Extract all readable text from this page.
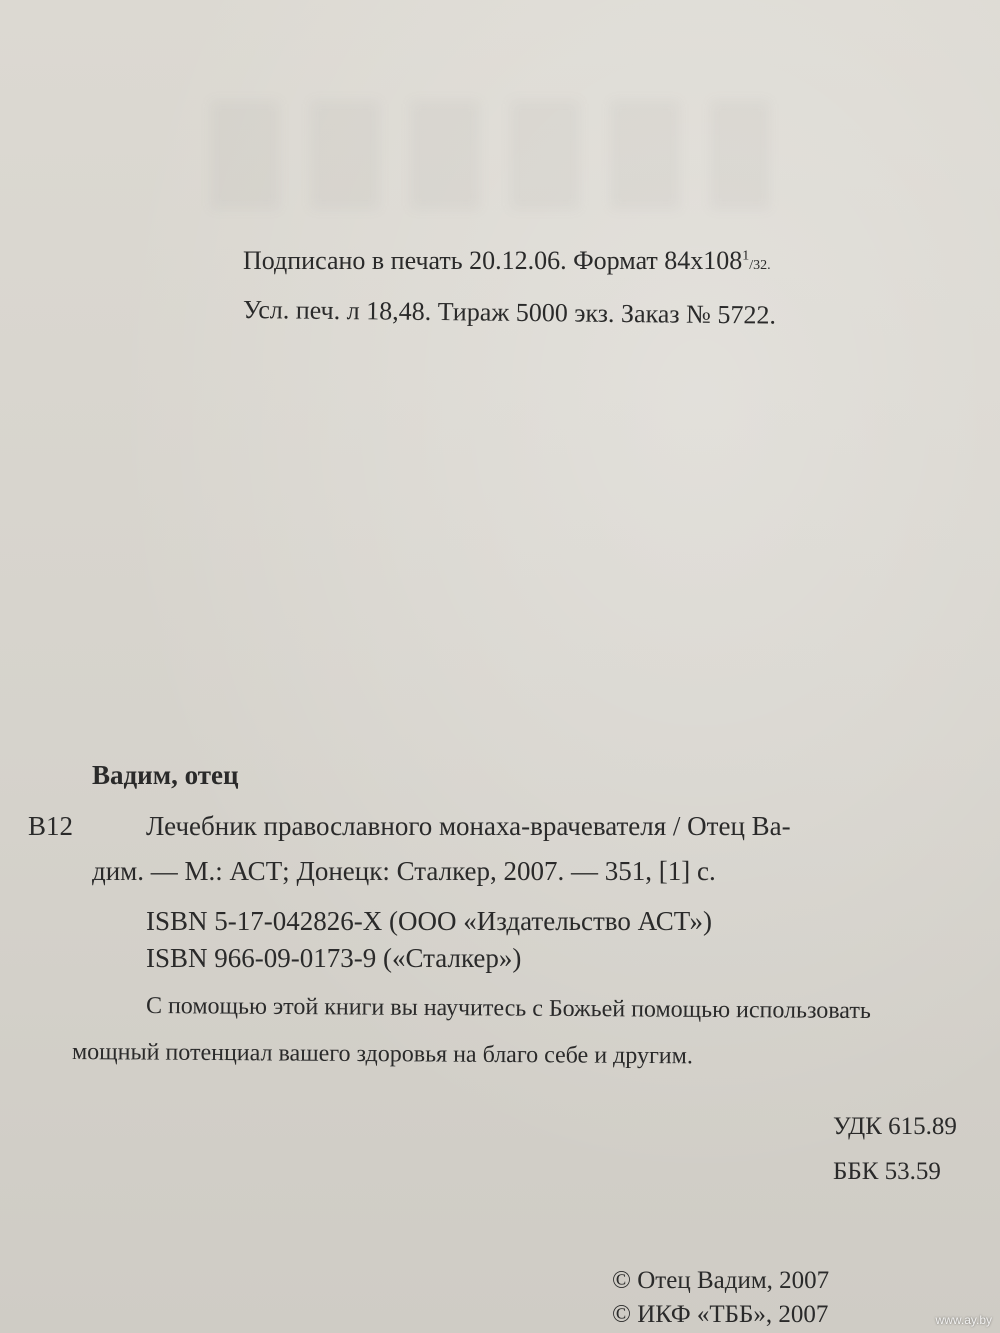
Подписано в печать 20.12.06. Формат $84x108^1/32$.
Усл. печ. л 18,48. Тираж 5000 экз. Заказ № 5722.
Вадим, отец
В12	Лечебник православного монаха-врачевателя / Отец Ва-
дим. — М.: АСТ; Донецк: Сталкер, 2007. — 351, [1] с.
ISBN 5-17-042826-X (ООО «Издательство АСТ»)
ISBN 966-09-0173-9 («Сталкер»)
С помощью этой книги вы научитесь с Божьей помощью использовать
мощный потенциал вашего здоровья на благо себе и другим.
УДК 615.89
ББК 53.59
© Отец Вадим, 2007
© ИКФ «ТББ», 2007	www.ay.by
